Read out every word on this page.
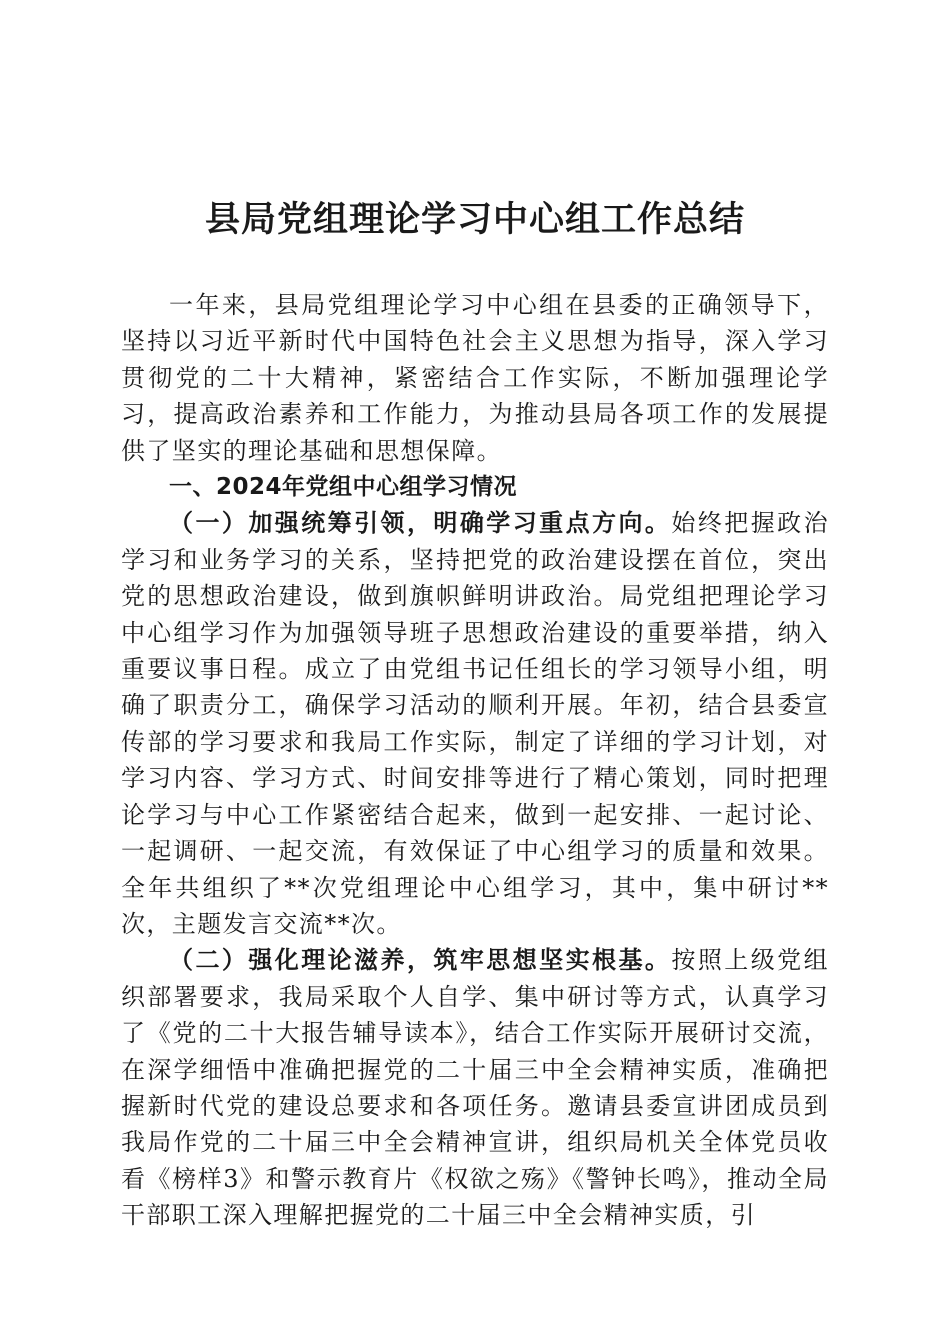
县局党组理论学习中心组工作总结

一年来，县局党组理论学习中心组在县委的正确领导下，坚持以习近平新时代中国特色社会主义思想为指导，深入学习贯彻党的二十大精神，紧密结合工作实际，不断加强理论学习，提高政治素养和工作能力，为推动县局各项工作的发展提供了坚实的理论基础和思想保障。

一、2024年党组中心组学习情况

（一）加强统筹引领，明确学习重点方向。始终把握政治学习和业务学习的关系，坚持把党的政治建设摆在首位，突出党的思想政治建设，做到旗帜鲜明讲政治。局党组把理论学习中心组学习作为加强领导班子思想政治建设的重要举措，纳入重要议事日程。成立了由党组书记任组长的学习领导小组，明确了职责分工，确保学习活动的顺利开展。年初，结合县委宣传部的学习要求和我局工作实际，制定了详细的学习计划，对学习内容、学习方式、时间安排等进行了精心策划，同时把理论学习与中心工作紧密结合起来，做到一起安排、一起讨论、一起调研、一起交流，有效保证了中心组学习的质量和效果。全年共组织了**次党组理论中心组学习，其中，集中研讨**次，主题发言交流**次。

（二）强化理论滋养，筑牢思想坚实根基。按照上级党组织部署要求，我局采取个人自学、集中研讨等方式，认真学习了《党的二十大报告辅导读本》，结合工作实际开展研讨交流，在深学细悟中准确把握党的二十届三中全会精神实质，准确把握新时代党的建设总要求和各项任务。邀请县委宣讲团成员到我局作党的二十届三中全会精神宣讲，组织局机关全体党员收看《榜样3》和警示教育片《权欲之殇》《警钟长鸣》，推动全局干部职工深入理解把握党的二十届三中全会精神实质，引
